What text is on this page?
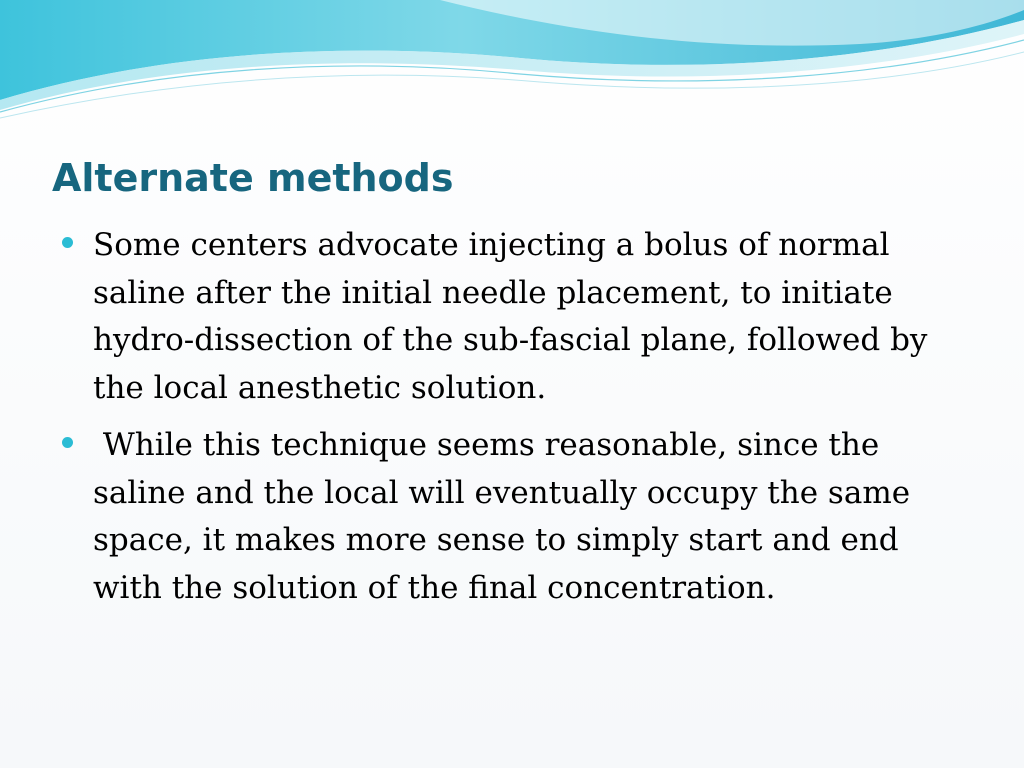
Alternate methods
Some centers advocate injecting a bolus of normal saline after the initial needle placement, to initiate hydro-dissection of the sub-fascial plane, followed by the local anesthetic solution.
While this technique seems reasonable, since the saline and the local will eventually occupy the same space, it makes more sense to simply start and end with the solution of the final concentration.
